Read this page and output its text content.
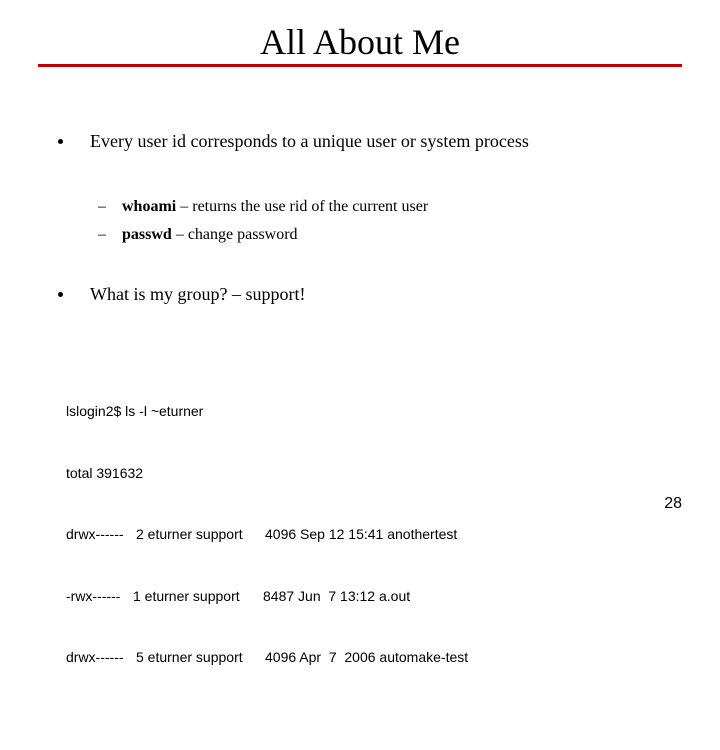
All About Me
Every user id corresponds to a unique user or system process
– whoami – returns the use rid of the current user
– passwd – change password
What is my group? – support!

lslogin2$ ls -l ~eturner

total 391632

drwx------

2 eturner support

4096 Sep 12 15:41 anothertest

-rwx------

1 eturner support

8487 Jun  7 13:12 a.out

drwx------

5 eturner support

4096 Apr  7  2006 automake-test

28
